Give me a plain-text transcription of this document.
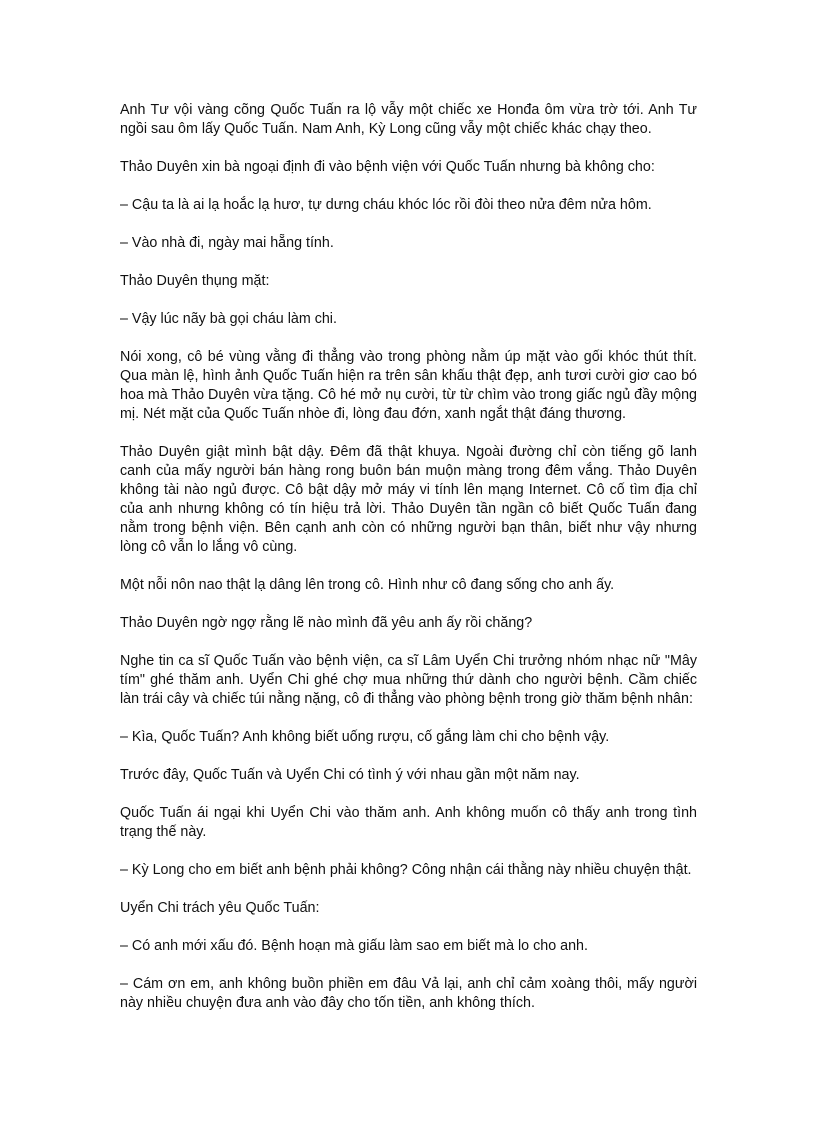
Anh Tư vội vàng cõng Quốc Tuấn ra lộ vẫy một chiếc xe Honđa ôm vừa trờ tới. Anh Tư ngồi sau ôm lấy Quốc Tuấn. Nam Anh, Kỳ Long cũng vẫy một chiếc khác chạy theo.

Thảo Duyên xin bà ngoại định đi vào bệnh viện với Quốc Tuấn nhưng bà không cho:

– Cậu ta là ai lạ hoắc lạ hươ, tự dưng cháu khóc lóc rồi đòi theo nửa đêm nửa hôm.

– Vào nhà đi, ngày mai hẵng tính.

Thảo Duyên thụng mặt:

– Vậy lúc nãy bà gọi cháu làm chi.

Nói xong, cô bé vùng vằng đi thẳng vào trong phòng nằm úp mặt vào gối khóc thút thít. Qua màn lệ, hình ảnh Quốc Tuấn hiện ra trên sân khấu thật đẹp, anh tươi cười giơ cao bó hoa mà Thảo Duyên vừa tặng. Cô hé mở nụ cười, từ từ chìm vào trong giấc ngủ đầy mộng mị. Nét mặt của Quốc Tuấn nhòe đi, lòng đau đớn, xanh ngắt thật đáng thương.

Thảo Duyên giật mình bật dậy. Đêm đã thật khuya. Ngoài đường chỉ còn tiếng gõ lanh canh của mấy người bán hàng rong buôn bán muộn màng trong đêm vắng. Thảo Duyên không tài nào ngủ được. Cô bật dậy mở máy vi tính lên mạng Internet. Cô cố tìm địa chỉ của anh nhưng không có tín hiệu trả lời. Thảo Duyên tần ngần cô biết Quốc Tuấn đang nằm trong bệnh viện. Bên cạnh anh còn có những người bạn thân, biết như vậy nhưng lòng cô vẫn lo lắng vô cùng.

Một nỗi nôn nao thật lạ dâng lên trong cô. Hình như cô đang sống cho anh ấy.

Thảo Duyên ngờ ngợ rằng lẽ nào mình đã yêu anh ấy rồi chăng?

Nghe tin ca sĩ Quốc Tuấn vào bệnh viện, ca sĩ Lâm Uyển Chi trưởng nhóm nhạc nữ "Mây tím" ghé thăm anh. Uyển Chi ghé chợ mua những thứ dành cho người bệnh. Cầm chiếc làn trái cây và chiếc túi nằng nặng, cô đi thẳng vào phòng bệnh trong giờ thăm bệnh nhân:

– Kìa, Quốc Tuấn? Anh không biết uống rượu, cố gắng làm chi cho bệnh vậy.

Trước đây, Quốc Tuấn và Uyển Chi có tình ý với nhau gần một năm nay.

Quốc Tuấn ái ngại khi Uyển Chi vào thăm anh. Anh không muốn cô thấy anh trong tình trạng thế này.

– Kỳ Long cho em biết anh bệnh phải không? Công nhận cái thằng này nhiều chuyện thật.

Uyển Chi trách yêu Quốc Tuấn:

– Có anh mới xấu đó. Bệnh hoạn mà giấu làm sao em biết mà lo cho anh.

– Cám ơn em, anh không buồn phiền em đâu Vả lại, anh chỉ cảm xoàng thôi, mấy người này nhiều chuyện đưa anh vào đây cho tốn tiền, anh không thích.
